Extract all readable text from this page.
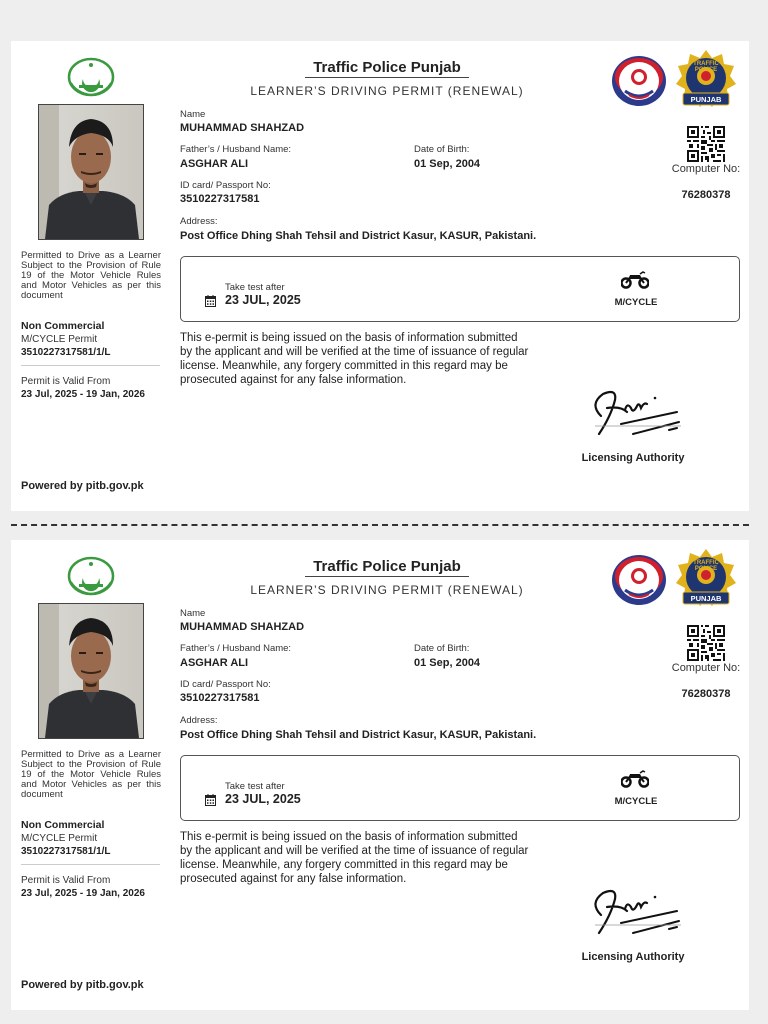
Traffic Police Punjab
LEARNER’S DRIVING PERMIT (RENEWAL)
TRAFFIC POLICE
PUNJAB
Computer No:
76280378
Name
MUHAMMAD SHAHZAD
Father’s / Husband Name:
ASGHAR ALI
Date of Birth:
01 Sep, 2004
ID card/ Passport No:
3510227317581
Address:
Post Office Dhing Shah Tehsil and District Kasur, KASUR, Pakistani.
Permitted to Drive as a Learner Subject to the Provision of Rule 19 of the Motor Vehicle Rules and Motor Vehicles as per this document
Non Commercial
M/CYCLE Permit
3510227317581/1/L
Permit is Valid From
23 Jul, 2025 - 19 Jan, 2026
Powered by pitb.gov.pk
Take test after
23 JUL, 2025	M/CYCLE
This e-permit is being issued on the basis of information submitted by the applicant and will be verified at the time of issuance of regular license. Meanwhile, any forgery committed in this regard may be prosecuted against for any false information.
Licensing Authority
Traffic Police Punjab
LEARNER’S DRIVING PERMIT (RENEWAL)
TRAFFIC POLICE
PUNJAB
Computer No:
76280378
Name
MUHAMMAD SHAHZAD
Father’s / Husband Name:
ASGHAR ALI
Date of Birth:
01 Sep, 2004
ID card/ Passport No:
3510227317581
Address:
Post Office Dhing Shah Tehsil and District Kasur, KASUR, Pakistani.
Permitted to Drive as a Learner Subject to the Provision of Rule 19 of the Motor Vehicle Rules and Motor Vehicles as per this document
Non Commercial
M/CYCLE Permit
3510227317581/1/L
Permit is Valid From
23 Jul, 2025 - 19 Jan, 2026
Powered by pitb.gov.pk
Take test after
23 JUL, 2025	M/CYCLE
This e-permit is being issued on the basis of information submitted by the applicant and will be verified at the time of issuance of regular license. Meanwhile, any forgery committed in this regard may be prosecuted against for any false information.
Licensing Authority
